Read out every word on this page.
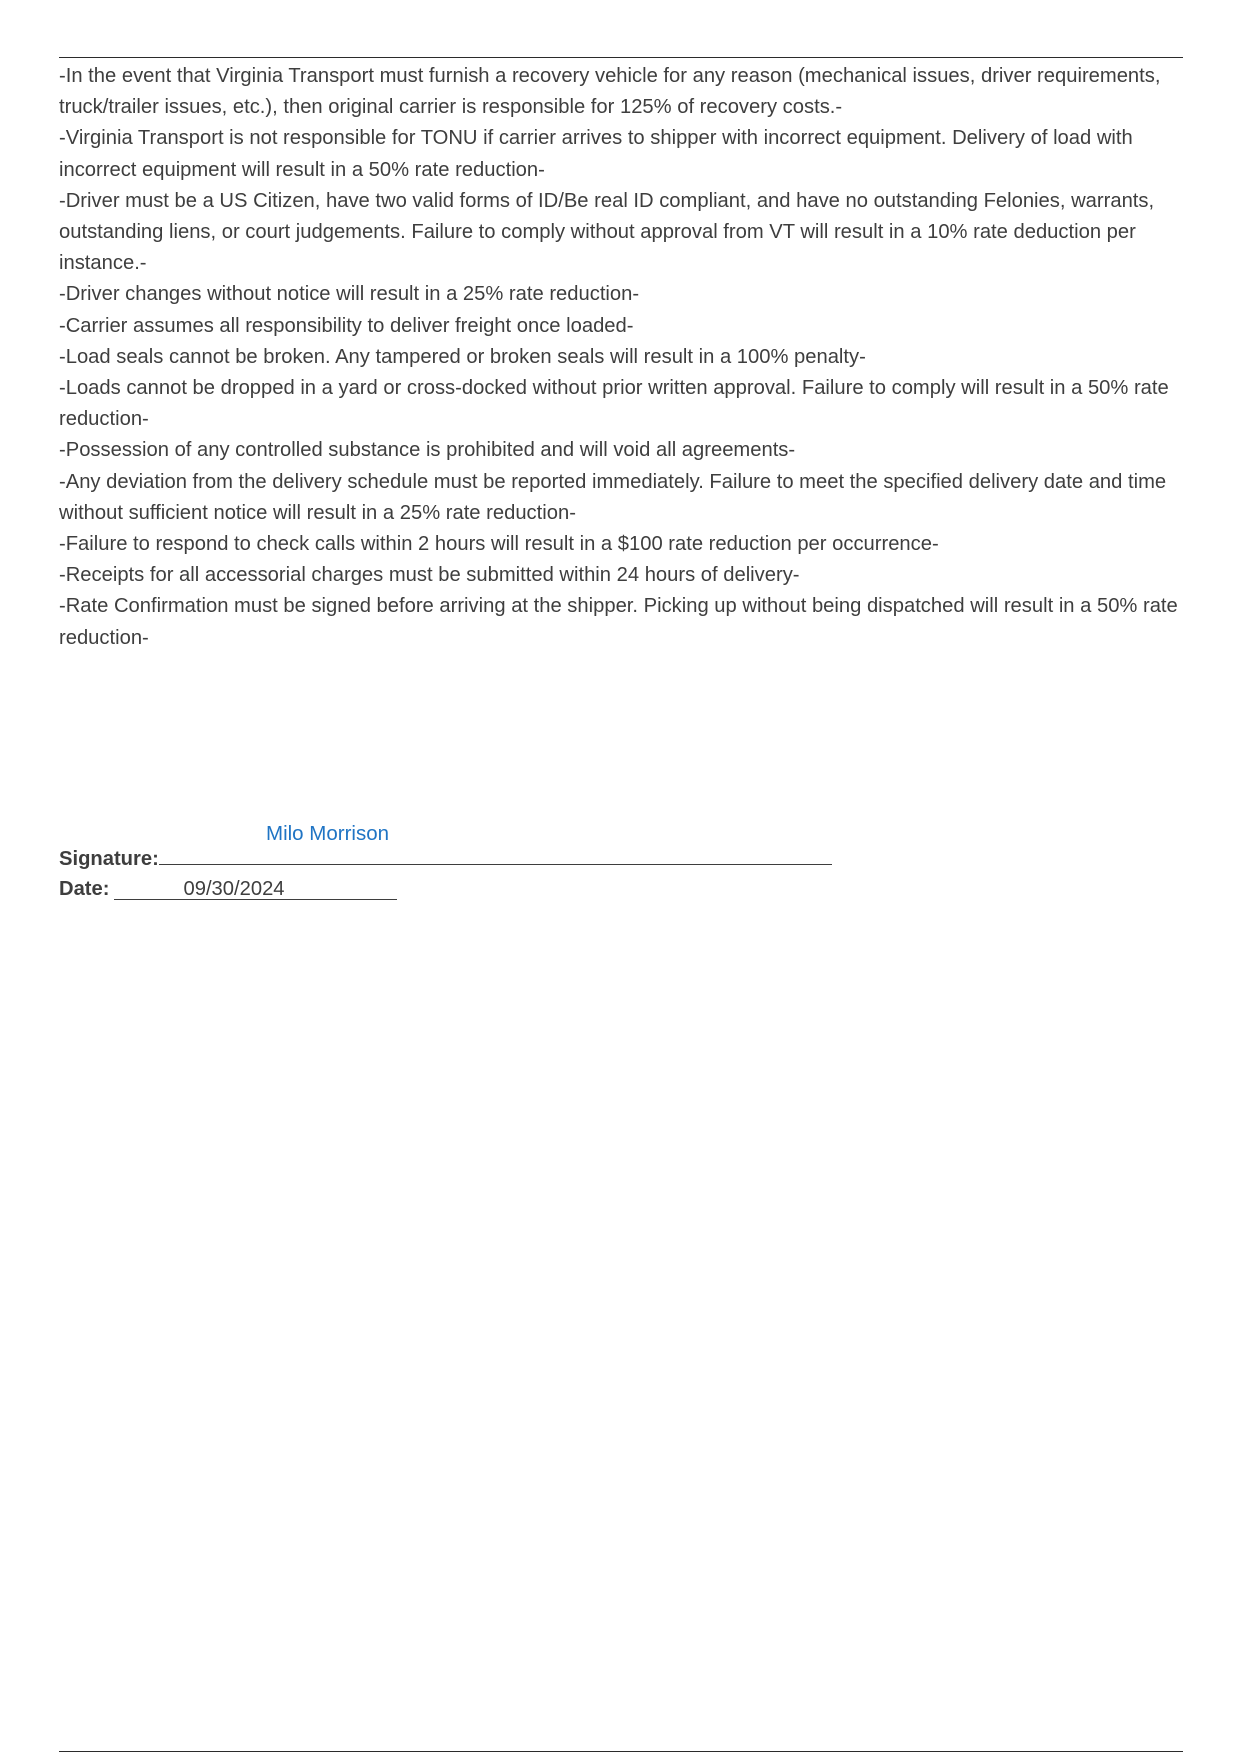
-In the event that Virginia Transport must furnish a recovery vehicle for any reason (mechanical issues, driver requirements, truck/trailer issues, etc.), then original carrier is responsible for 125% of recovery costs.-

-Virginia Transport is not responsible for TONU if carrier arrives to shipper with incorrect equipment. Delivery of load with incorrect equipment will result in a 50% rate reduction-

-Driver must be a US Citizen, have two valid forms of ID/Be real ID compliant, and have no outstanding Felonies, warrants, outstanding liens, or court judgements. Failure to comply without approval from VT will result in a 10% rate deduction per instance.-

-Driver changes without notice will result in a 25% rate reduction-

-Carrier assumes all responsibility to deliver freight once loaded-

-Load seals cannot be broken. Any tampered or broken seals will result in a 100% penalty-

-Loads cannot be dropped in a yard or cross-docked without prior written approval. Failure to comply will result in a 50% rate reduction-

-Possession of any controlled substance is prohibited and will void all agreements-

-Any deviation from the delivery schedule must be reported immediately. Failure to meet the specified delivery date and time without sufficient notice will result in a 25% rate reduction-

-Failure to respond to check calls within 2 hours will result in a $100 rate reduction per occurrence-

-Receipts for all accessorial charges must be submitted within 24 hours of delivery-

-Rate Confirmation must be signed before arriving at the shipper. Picking up without being dispatched will result in a 50% rate reduction-

Milo Morrison
Signature:
Date:	09/30/2024
